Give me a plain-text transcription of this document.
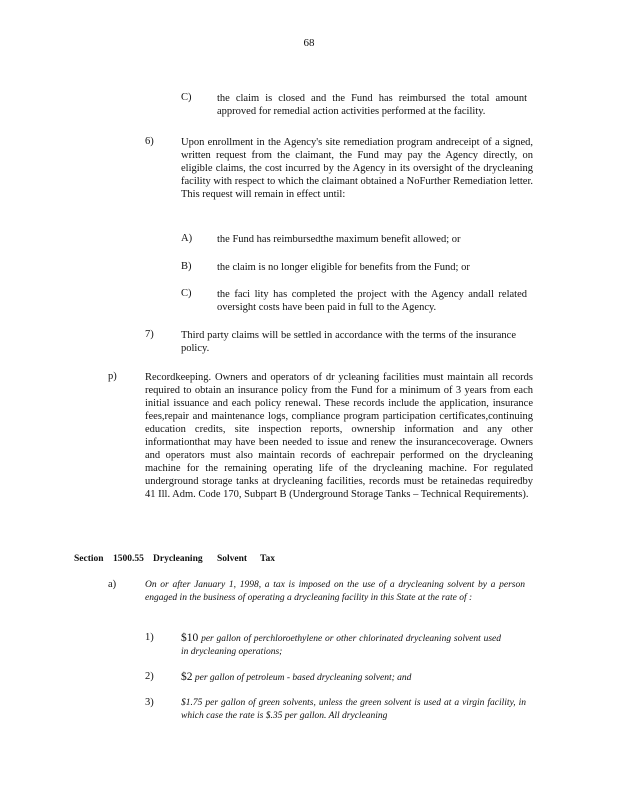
68
C) the claim is closed and the Fund has reimbursed the total amount approved for remedial action activities performed at the facility.
6)	Upon enrollment in the Agency's site remediation program andreceipt of a signed, written request from the claimant, the Fund may pay the Agency directly, on eligible claims, the cost incurred by the Agency in its oversight of the drycleaning facility with respect to which the claimant obtained a NoFurther Remediation letter. This request will remain in effect until:
A) the Fund has reimbursedthe maximum benefit allowed; or
B) the claim is no longer eligible for benefits from the Fund; or
C) the faci lity has completed the project with the Agency andall related oversight costs have been paid in full to the Agency.
7)	Third party claims will be settled in accordance with the terms of the insurance policy.
p)	Recordkeeping. Owners and operators of dr ycleaning facilities must maintain all records required to obtain an insurance policy from the Fund for a minimum of 3 years from each initial issuance and each policy renewal. These records include the application, insurance fees,repair and maintenance logs, compliance program participation certificates,continuing education credits, site inspection reports, ownership information and any other informationthat may have been needed to issue and renew the insurancecoverage. Owners and operators must also maintain records of eachrepair performed on the drycleaning machine for the remaining operating life of the drycleaning machine. For regulated underground storage tanks at drycleaning facilities, records must be retainedas requiredby 41 Ill. Adm. Code 170, Subpart B (Underground Storage Tanks – Technical Requirements).
Section 1500.55 Drycleaning Solvent Tax
a)	On or after January 1, 1998, a tax is imposed on the use of a drycleaning solvent by a person engaged in the business of operating a drycleaning facility in this State at the rate of :
1) $10 per gallon of perchloroethylene or other chlorinated drycleaning solvent used in drycleaning operations;
2) $2 per gallon of petroleum - based drycleaning solvent; and
3)	$1.75 per gallon of green solvents, unless the green solvent is used at a virgin facility, in which case the rate is $.35 per gallon. All drycleaning
